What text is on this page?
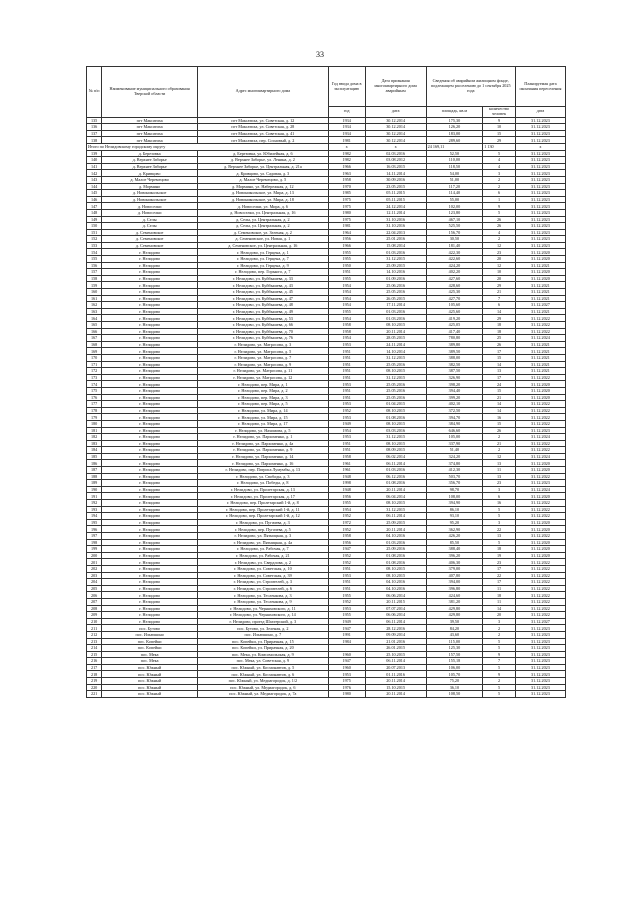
33
№ п/п	Наименование муниципального образования Тверской области	Адрес многоквартирного дома	Год ввода дома в эксплуатацию	Дата признания многоквартирного дома аварийным	Сведения об аварийном жилищном фонде, подлежащем расселению до 1 сентября 2025 года		Планируемая дата окончания переселения
			год	дата	площадь, кв.м	количество человек	дата
135	пгт Максатиха	пгт Максатиха, ул. Советская, д. 12	1934	30.12.2014	175,30	9	31.12.2023
136	пгт Максатиха	пгт Максатиха, ул. Советская, д. 28	1934	30.12.2014	126,20	10	31.12.2023
137	пгт Максатиха	пгт Максатиха, ул. Советская, д. 41	1934	30.12.2014	183,00	15	31.12.2023
138	пгт Максатиха	пгт Максатиха, пер. Сосновый, д. 2	1981	30.12.2014	289,60	29	31.12.2023
Итого по Нелидовскому городскому округу			x	x	24 169,11	1 130	x
139	д. Березовка	д. Березовка, ул. Юбилейная, д. 6	1982	02.03.2016	52,50	5	31.12.2023
140	д. Верхнее Заборье	д. Верхнее Заборье, ул. Ленина, д. 2	1982	03.08.2012	110,00	4	31.12.2023
141	д. Верхнее Заборье	д. Верхнее Заборье, ул. Центральная, д. 21а	1966	16.03.2015	118,50	4	31.12.2023
142	д. Кривцово	д. Кривцово, ул. Садовая, д. 3	1963	14.11.2014	54,00	3	31.12.2023
143	д. Малое Черемецово	д. Малое Черемецово, д. 5	1958	30.09.2016	51,00	2	31.12.2023
144	д. Мормино	д. Мормино, ул. Набережная, д. 12	1970	23.05.2015	117,20	2	31.12.2023
145	д. Новоникольское	д. Новоникольское, ул. Мира, д. 13	1985	05.11.2015	114,40	6	31.12.2023
146	д. Новоникольское	д. Новоникольское, ул. Мира, д. 18	1975	05.11.2015	55,00	1	31.12.2023
147	д. Новоселки	д. Новоселки, ул. Мира, д. 6	1975	24.12.2014	102,00	9	31.12.2023
148	д. Новоселки	д. Новоселки, ул. Центральная, д. 16	1980	12.11.2014	123,80	5	31.12.2023
149	д. Селы	д. Селы, ул. Центральная, д. 2	1975	31.10.2016	467,10	26	31.12.2023
150	д. Селы	д. Селы, ул. Центральная, д. 2	1981	31.10.2016	525,50	26	31.12.2023
151	д. Семеновское	д. Семеновское, ул. Зеленая, д. 2	1964	22.04.2013	156,70	4	31.12.2023
152	д. Семеновское	д. Семеновское, ул. Новая, д. 1	1956	25.01.2016	30,50	2	31.12.2023
153	д. Семеновское	д. Семеновское, ул. Центральная, д. 16	1966	15.08.2014	181,40	12	31.12.2023
154	г. Нелидово	г. Нелидово, ул. Герцена, д. 1	1955	01.03.2016	422,30	23	31.12.2020
155	г. Нелидово	г. Нелидово, ул. Герцена, д. 7	1955	31.12.2015	422,60	20	31.12.2020
156	г. Нелидово	г. Нелидово, ул. Герцена, д. 9	1950	25.09.2015	424,20	12	31.12.2021
157	г. Нелидово	г. Нелидово, пер. Горького, д. 7	1951	14.10.2016	402,20	10	31.12.2020
158	г. Нелидово	г. Нелидово, ул. Куйбышева, д. 33	1955	01.09.2016	427,60	20	31.12.2020
159	г. Нелидово	г. Нелидово, ул. Куйбышева, д. 43	1954	25.06.2016	428,60	29	31.12.2021
160	г. Нелидово	г. Нелидово, ул. Куйбышева, д. 45	1954	25.05.2016	425,30	21	31.12.2021
161	г. Нелидово	г. Нелидово, ул. Куйбышева, д. 47	1954	26.05.2015	427,70	7	31.12.2021
162	г. Нелидово	г. Нелидово, ул. Куйбышева, д. 48	1954	17.11.2014	105,60	6	31.12.2027
163	г. Нелидово	г. Нелидово, ул. Куйбышева, д. 49	1955	01.03.2016	425,60	14	31.12.2021
164	г. Нелидово	г. Нелидово, ул. Куйбышева, д. 53	1954	01.03.2016	419,20	29	31.12.2022
165	г. Нелидово	г. Нелидово, ул. Куйбышева, д. 66	1958	08.10.2015	425,05	18	31.12.2022
166	г. Нелидово	г. Нелидово, ул. Куйбышева, д. 70	1958	20.11.2014	417,40	18	31.12.2022
167	г. Нелидово	г. Нелидово, ул. Куйбышева, д. 76	1954	28.05.2015	780,80	25	31.12.2024
168	г. Нелидово	г. Нелидово, ул. Матросова, д. 3	1953	24.11.2014	389,80	26	31.12.2021
169	г. Нелидово	г. Нелидово, ул. Матросова, д. 5	1951	14.10.2014	389,50	17	31.12.2021
170	г. Нелидово	г. Нелидово, ул. Матросова, д. 7	1951	31.12.2015	388,00	15	31.12.2021
171	г. Нелидово	г. Нелидово, ул. Матросова, д. 9	1951	25.05.2016	382,50	14	31.12.2021
172	г. Нелидово	г. Нелидово, ул. Матросова, д. 11	1951	08.10.2015	387,50	13	31.12.2021
173	г. Нелидово	г. Нелидово, ул. Матросова, д. 12	1951	31.12.2015	326,90	17	31.12.2022
174	г. Нелидово	г. Нелидово, пер. Мира, д. 1	1953	25.05.2016	398,20	24	31.12.2020
175	г. Нелидово	г. Нелидово, пер. Мира, д. 2	1951	25.05.2016	394,40	15	31.12.2020
176	г. Нелидово	г. Нелидово, пер. Мира, д. 3	1951	25.05.2016	399,20	21	31.12.2020
177	г. Нелидово	г. Нелидово, пер. Мира, д. 5	1953	01.04.2015	402,10	14	31.12.2022
178	г. Нелидово	г. Нелидово, ул. Мира, д. 14	1952	08.10.2015	372,50	14	31.12.2022
179	г. Нелидово	г. Нелидово, ул. Мира, д. 15	1953	01.08.2016	394,70	16	31.12.2022
180	г. Нелидово	г. Нелидово, ул. Мира, д. 17	1949	08.10.2015	384,90	15	31.12.2022
181	г. Нелидово	г. Нелидово, ул. Нахимова, д. 5	1954	03.03.2016	646,60	26	31.12.2023
182	г. Нелидово	г. Нелидово, ул. Пархоменко, д. 1	1953	31.12.2015	105,00	2	31.12.2024
183	г. Нелидово	г. Нелидово, ул. Пархоменко, д. 4а	1951	08.10.2015	337,90	21	31.12.2022
184	г. Нелидово	г. Нелидово, ул. Пархоменко, д. 9	1951	08.09.2015	51,40	2	31.12.2022
185	г. Нелидово	г. Нелидово, ул. Пархоменко, д. 14	1958	06.02.2014	324,20	12	31.12.2024
186	г. Нелидово	г. Нелидово, ул. Пархоменко, д. 16	1961	06.11.2014	374,80	13	31.12.2020
187	г. Нелидово	г. Нелидово, пер. Патриса Лумумбы, д. 13	1961	01.03.2016	412,30	11	31.12.2020
188	г. Нелидово	г. Нелидово, ул. Свободы, д. 3	1948	06.12.2016	503,70	13	31.12.2022
189	г. Нелидово	г. Нелидово, ул. Победы, д. 8	1998	01.08.2016	356,70	23	31.12.2023
190	г. Нелидово	г. Нелидово, ул. Пролетарская, д. 13	1948	20.11.2014	98,70	3	31.12.2024
191	г. Нелидово	г. Нелидово, ул. Пролетарская, д. 17	1956	06.04.2014	108,00	6	31.12.2020
192	г. Нелидово	г. Нелидово, пер. Пролетарский 1-й, д. 8	1955	08.10.2015	394,90	16	31.12.2022
193	г. Нелидово	г. Нелидово, пер. Пролетарский 1-й, д. 11	1954	31.12.2015	86,10	5	31.12.2022
194	г. Нелидово	г. Нелидово, пер. Пролетарский 1-й, д. 12	1952	06.11.2014	93,10	5	31.12.2022
195	г. Нелидово	г. Нелидово, ул. Пугачева, д. 3	1972	25.09.2015	95,20	3	31.12.2020
196	г. Нелидово	г. Нелидово, пер. Пугачева, д. 5	1952	20.11.2014	362,90	22	31.12.2020
197	г. Нелидово	г. Нелидово, ул. Пятницкая, д. 3	1958	04.10.2016	426,20	13	31.12.2022
198	г. Нелидово	г. Нелидово, ул. Пятницкая, д. 4а	1956	01.03.2016	85,50	5	31.12.2020
199	г. Нелидово	г. Нелидово, ул. Рабочая, д. 7	1947	25.09.2016	388,40	18	31.12.2020
200	г. Нелидово	г. Нелидово, ул. Рабочая, д. 21	1952	01.08.2016	396,20	19	31.12.2020
201	г. Нелидово	г. Нелидово, ул. Свердлова, д. 2	1952	01.08.2016	406,30	23	31.12.2022
202	г. Нелидово	г. Нелидово, ул. Советская, д. 10	1951	08.10.2015	379,00	17	31.12.2022
203	г. Нелидово	г. Нелидово, ул. Советская, д. 39	1953	08.10.2015	407,80	22	31.12.2022
204	г. Нелидово	г. Нелидово, ул. Строителей, д. 3	1951	04.10.2016	394,00	17	31.12.2022
205	г. Нелидово	г. Нелидово, ул. Строителей, д. 6	1951	04.10.2016	396,80	11	31.12.2022
206	г. Нелидово	г. Нелидово, ул. Тесленкова, д. 3	1955	06.06.2014	424,60	18	31.12.2022
207	г. Нелидово	г. Нелидово, ул. Тесленкова, д. 9	1952	20.11.2015	381,20	11	31.12.2022
208	г. Нелидово	г. Нелидово, ул. Черняховского, д. 11	1953	07.07.2014	429,80	14	31.12.2022
209	г. Нелидово	г. Нелидово, ул. Черняховского, д. 14	1955	06.06.2014	429,80	20	31.12.2022
210	г. Нелидово	г. Нелидово, проезд Шахтерский, д. 3	1949	06.11.2014	39,50	3	31.12.2027
211	пос. Бутово	пос. Бутово, ул. Зеленая, д. 2	1947	28.12.2016	84,20	2	31.12.2023
212	пос. Ильюшино	пос. Ильюшино, д. 7	1991	09.09.2014	43,60	2	31.12.2023
213	пос. Копейки	пос. Копейки, ул. Прирачная, д. 15	1984	21.01.2016	115,00	5	31.12.2023
214	пос. Копейки	пос. Копейки, ул. Прирачная, д. 20		26.01.2015	125,30	5	31.12.2023
215	пос. Мека	пос. Мека, ул. Комсомольская, д. 9	1960	25.10.2015	157,50	9	31.12.2023
216	пос. Мека	пос. Мека, ул. Советская, д. 9	1947	06.11.2014	155,18	7	31.12.2023
217	пос. Южный	пос. Южный, ул. Космонавтов, д. 5	1960	20.07.2013	106,00	5	31.12.2023
218	пос. Южный	пос. Южный, ул. Космонавтов, д. 6	1953	01.11.2016	105,70	9	31.12.2023
219	пос. Южный	пос. Южный, ул. Медиагородок, д. 1/2	1975	20.11.2014	75,20	2	31.12.2023
220	пос. Южный	пос. Южный, ул. Медиагородок, д. 6	1976	15.10.2015	36,10	5	31.12.2023
221	пос. Южный	пос. Южный, ул. Медиагородок, д. 7а	1980	20.11.2014	108,50	5	31.12.2023
